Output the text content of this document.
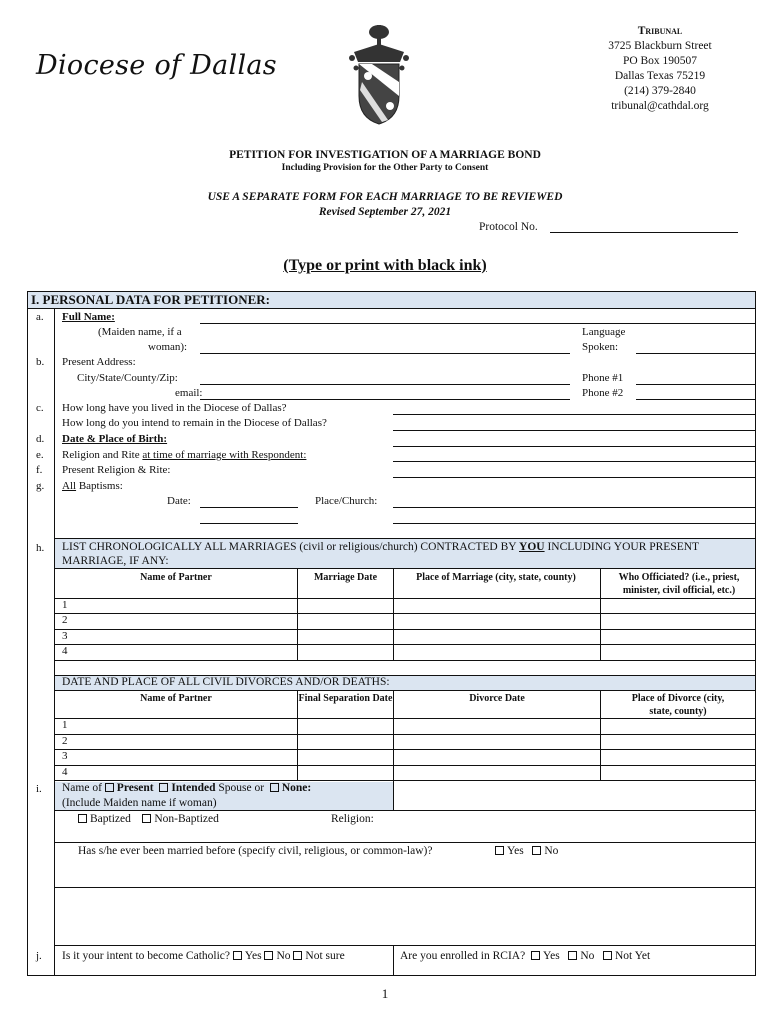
Diocese of Dallas
Tribunal
3725 Blackburn Street
PO Box 190507
Dallas Texas 75219
(214) 379-2840
tribunal@cathdal.org
PETITION FOR INVESTIGATION OF A MARRIAGE BOND
Including Provision for the Other Party to Consent
USE A SEPARATE FORM FOR EACH MARRIAGE TO BE REVIEWED
Revised September 27, 2021
Protocol No.
(Type or print with black ink)
I. PERSONAL DATA FOR PETITIONER:
a. Full Name:
(Maiden name, if a
woman):
Language
Spoken:
b. Present Address:
City/State/County/Zip:
email:
Phone #1
Phone #2
c. How long have you lived in the Diocese of Dallas?
How long do you intend to remain in the Diocese of Dallas?
d. Date & Place of Birth:
e. Religion and Rite at time of marriage with Respondent:
f. Present Religion & Rite:
g. All Baptisms:
Date:	Place/Church:
h. LIST CHRONOLOGICALLY ALL MARRIAGES (civil or religious/church) CONTRACTED BY YOU INCLUDING YOUR PRESENT
MARRIAGE, IF ANY:
Name of Partner	Marriage Date	Place of Marriage (city, state, county)	Who Officiated? (i.e., priest, minister, civil official, etc.)
1
2
3
4
DATE AND PLACE OF ALL CIVIL DIVORCES AND/OR DEATHS:
Name of Partner	Final Separation Date	Divorce Date	Place of Divorce (city, state, county)
1
2
3
4
i. Name of Present Intended Spouse or None:
(Include Maiden name if woman)
Baptized Non-Baptized	Religion:
Has s/he ever been married before (specify civil, religious, or common-law)?	Yes No
j. Is it your intent to become Catholic? Yes No Not sure	Are you enrolled in RCIA? Yes No Not Yet
1
